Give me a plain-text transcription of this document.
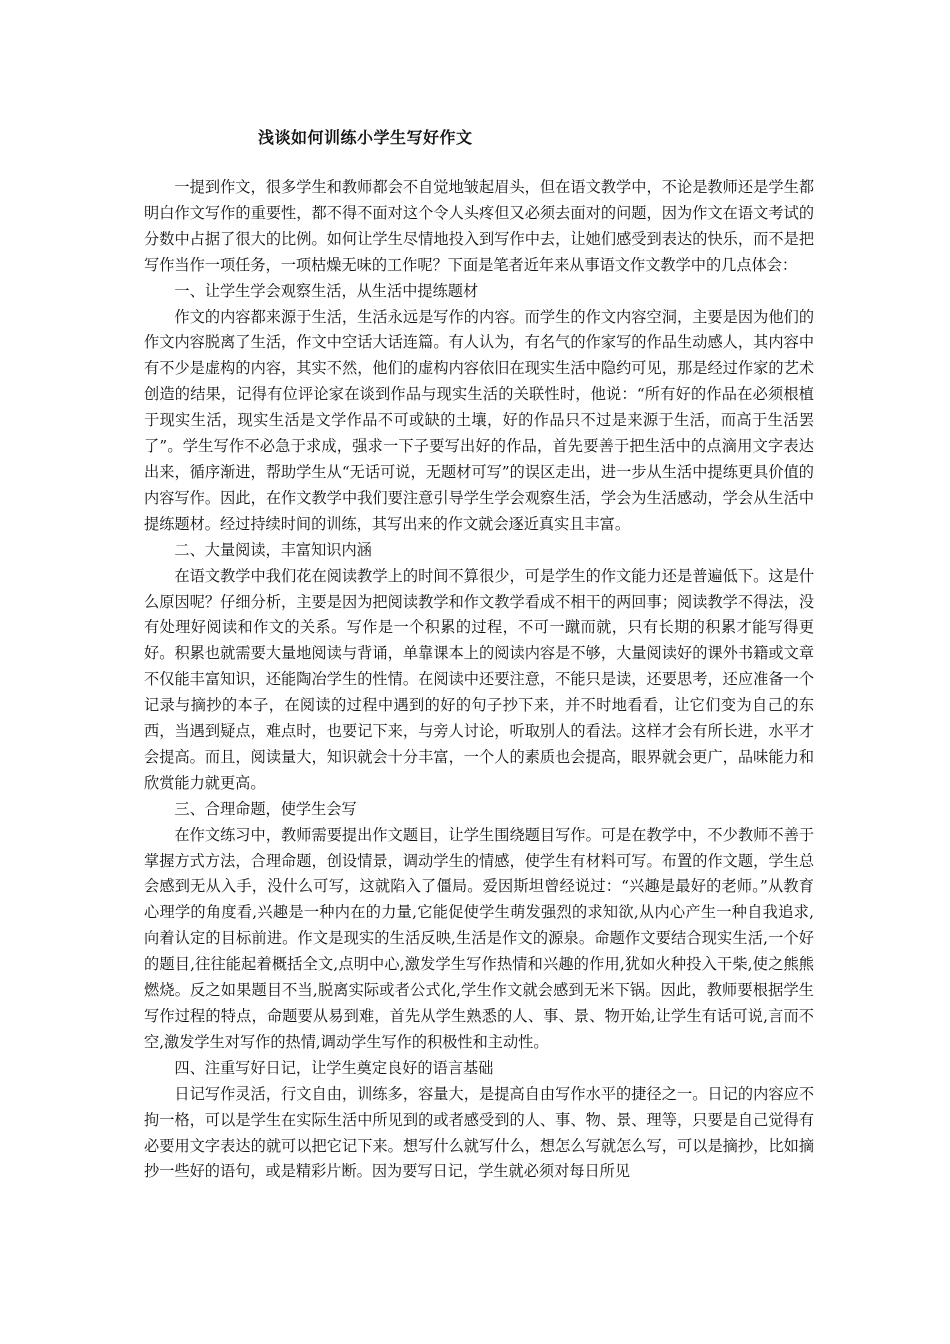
浅谈如何训练小学生写好作文

一提到作文，很多学生和教师都会不自觉地皱起眉头，但在语文教学中，不论是教师还是学生都明白作文写作的重要性，都不得不面对这个令人头疼但又必须去面对的问题，因为作文在语文考试的分数中占据了很大的比例。如何让学生尽情地投入到写作中去，让她们感受到表达的快乐，而不是把写作当作一项任务，一项枯燥无味的工作呢？下面是笔者近年来从事语文作文教学中的几点体会：

一、让学生学会观察生活，从生活中提练题材

作文的内容都来源于生活，生活永远是写作的内容。而学生的作文内容空洞，主要是因为他们的作文内容脱离了生活，作文中空话大话连篇。有人认为，有名气的作家写的作品生动感人，其内容中有不少是虚构的内容，其实不然，他们的虚构内容依旧在现实生活中隐约可见，那是经过作家的艺术创造的结果，记得有位评论家在谈到作品与现实生活的关联性时，他说：“所有好的作品在必须根植于现实生活，现实生活是文学作品不可或缺的土壤，好的作品只不过是来源于生活，而高于生活罢了”。学生写作不必急于求成，强求一下子要写出好的作品，首先要善于把生活中的点滴用文字表达出来，循序渐进，帮助学生从“无话可说，无题材可写”的误区走出，进一步从生活中提练更具价值的内容写作。因此，在作文教学中我们要注意引导学生学会观察生活，学会为生活感动，学会从生活中提练题材。经过持续时间的训练，其写出来的作文就会逐近真实且丰富。

二、大量阅读，丰富知识内涵

在语文教学中我们花在阅读教学上的时间不算很少，可是学生的作文能力还是普遍低下。这是什么原因呢？仔细分析，主要是因为把阅读教学和作文教学看成不相干的两回事；阅读教学不得法，没有处理好阅读和作文的关系。写作是一个积累的过程，不可一蹴而就，只有长期的积累才能写得更好。积累也就需要大量地阅读与背诵，单靠课本上的阅读内容是不够，大量阅读好的课外书籍或文章不仅能丰富知识，还能陶冶学生的性情。在阅读中还要注意，不能只是读，还要思考，还应准备一个记录与摘抄的本子，在阅读的过程中遇到的好的句子抄下来，并不时地看看，让它们变为自己的东西，当遇到疑点，难点时，也要记下来，与旁人讨论，听取别人的看法。这样才会有所长进，水平才会提高。而且，阅读量大，知识就会十分丰富，一个人的素质也会提高，眼界就会更广，品味能力和欣赏能力就更高。

三、合理命题，使学生会写

在作文练习中，教师需要提出作文题目，让学生围绕题目写作。可是在教学中，不少教师不善于掌握方式方法，合理命题，创设情景，调动学生的情感，使学生有材料可写。布置的作文题，学生总会感到无从入手，没什么可写，这就陷入了僵局。爱因斯坦曾经说过：“兴趣是最好的老师。”从教育心理学的角度看,兴趣是一种内在的力量,它能促使学生萌发强烈的求知欲,从内心产生一种自我追求,向着认定的目标前进。作文是现实的生活反映,生活是作文的源泉。命题作文要结合现实生活,一个好的题目,往往能起着概括全文,点明中心,激发学生写作热情和兴趣的作用,犹如火种投入干柴,使之熊熊燃烧。反之如果题目不当,脱离实际或者公式化,学生作文就会感到无米下锅。因此，教师要根据学生写作过程的特点，命题要从易到难，首先从学生熟悉的人、事、景、物开始,让学生有话可说,言而不空,激发学生对写作的热情,调动学生写作的积极性和主动性。

四、注重写好日记，让学生奠定良好的语言基础

日记写作灵活，行文自由，训练多，容量大，是提高自由写作水平的捷径之一。日记的内容应不拘一格，可以是学生在实际生活中所见到的或者感受到的人、事、物、景、理等，只要是自己觉得有必要用文字表达的就可以把它记下来。想写什么就写什么，想怎么写就怎么写，可以是摘抄，比如摘抄一些好的语句，或是精彩片断。因为要写日记，学生就必须对每日所见
